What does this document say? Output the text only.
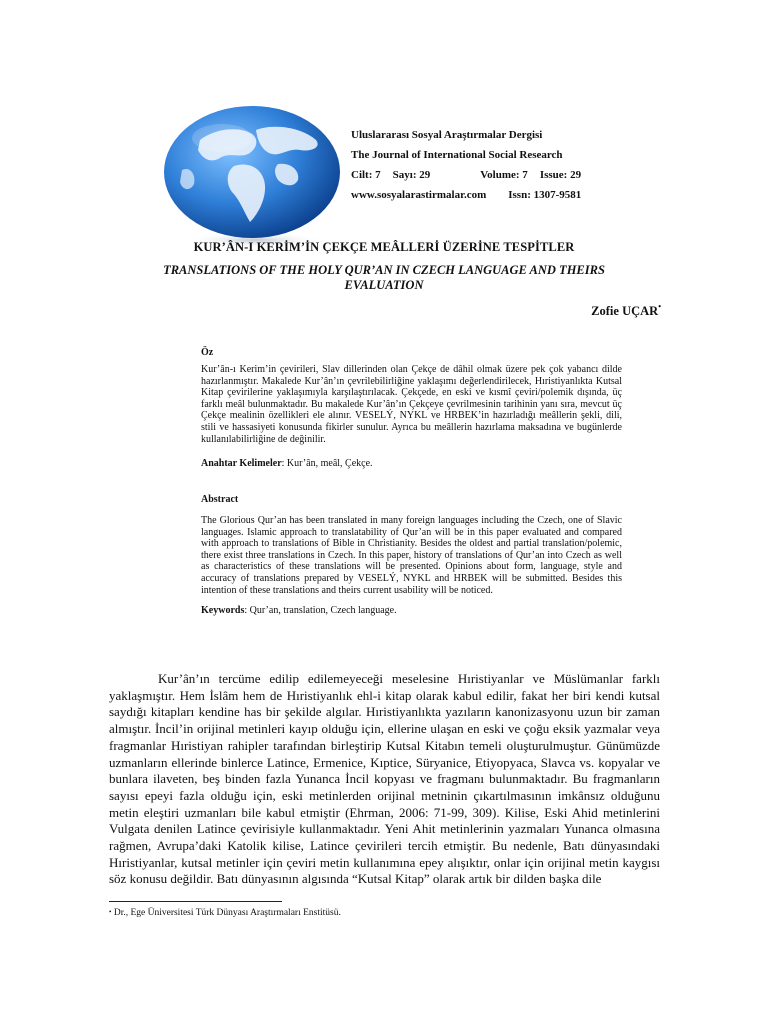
Uluslararası Sosyal Araştırmalar Dergisi
The Journal of International Social Research
Cilt: 7 Sayı: 29	Volume: 7 Issue: 29
www.sosyalarastirmalar.com Issn: 1307-9581
KUR’ÂN-I KERİM’İN ÇEKÇE MEÂLLERİ ÜZERİNE TESPİTLER
TRANSLATIONS OF THE HOLY QUR’AN IN CZECH LANGUAGE AND THEIRS EVALUATION
Zofie UÇAR•
Öz
Kur’ân-ı Kerim’in çevirileri, Slav dillerinden olan Çekçe de dâhil olmak üzere pek çok yabancı dilde hazırlanmıştır. Makalede Kur’ân’ın çevrilebilirliğine yaklaşımı değerlendirilecek, Hıristiyanlıkta Kutsal Kitap çevirilerine yaklaşımıyla karşılaştırılacak. Çekçede, en eski ve kısmî çeviri/polemik dışında, üç farklı meâl bulunmaktadır. Bu makalede Kur’ân’ın Çekçeye çevrilmesinin tarihinin yanı sıra, mevcut üç Çekçe mealinin özellikleri ele alınır. VESELÝ, NYKL ve HRBEK’in hazırladığı meâllerin şekli, dili, stili ve hassasiyeti konusunda fikirler sunulur. Ayrıca bu meâllerin hazırlama maksadına ve bugünlerde kullanılabilirliğine de değinilir.
Anahtar Kelimeler: Kur’ân, meâl, Çekçe.
Abstract
The Glorious Qur’an has been translated in many foreign languages including the Czech, one of Slavic languages. Islamic approach to translatability of Qur’an will be in this paper evaluated and compared with approach to translations of Bible in Christianity. Besides the oldest and partial translation/polemic, there exist three translations in Czech. In this paper, history of translations of Qur’an into Czech as well as characteristics of these translations will be presented. Opinions about form, language, style and accuracy of translations prepared by VESELÝ, NYKL and HRBEK will be submitted. Besides this intention of these translations and theirs current usability will be noticed.
Keywords: Qur’an, translation, Czech language.

Kur’ân’ın tercüme edilip edilemeyeceği meselesine Hıristiyanlar ve Müslümanlar farklı yaklaşmıştır. Hem İslâm hem de Hıristiyanlık ehl-i kitap olarak kabul edilir, fakat her biri kendi kutsal saydığı kitapları kendine has bir şekilde algılar. Hıristiyanlıkta yazıların kanonizasyonu uzun bir zaman almıştır. İncil’in orijinal metinleri kayıp olduğu için, ellerine ulaşan en eski ve çoğu eksik yazmalar veya fragmanlar Hıristiyan rahipler tarafından birleştirip Kutsal Kitabın temeli oluşturulmuştur. Günümüzde uzmanların ellerinde binlerce Latince, Ermenice, Kıptice, Süryanice, Etiyopyaca, Slavca vs. kopyalar ve bunlara ilaveten, beş binden fazla Yunanca İncil kopyası ve fragmanı bulunmaktadır. Bu fragmanların sayısı epeyi fazla olduğu için, eski metinlerden orijinal metninin çıkartılmasının imkânsız olduğunu metin eleştiri uzmanları bile kabul etmiştir (Ehrman, 2006: 71-99, 309). Kilise, Eski Ahid metinlerini Vulgata denilen Latince çevirisiyle kullanmaktadır. Yeni Ahit metinlerinin yazmaları Yunanca olmasına rağmen, Avrupa’daki Katolik kilise, Latince çevirileri tercih etmiştir. Bu nedenle, Batı dünyasındaki Hıristiyanlar, kutsal metinler için çeviri metin kullanımına epey alışıktır, onlar için orijinal metin kaygısı söz konusu değildir. Batı dünyasının algısında “Kutsal Kitap” olarak artık bir dilden başka dile

• Dr., Ege Üniversitesi Türk Dünyası Araştırmaları Enstitüsü.
